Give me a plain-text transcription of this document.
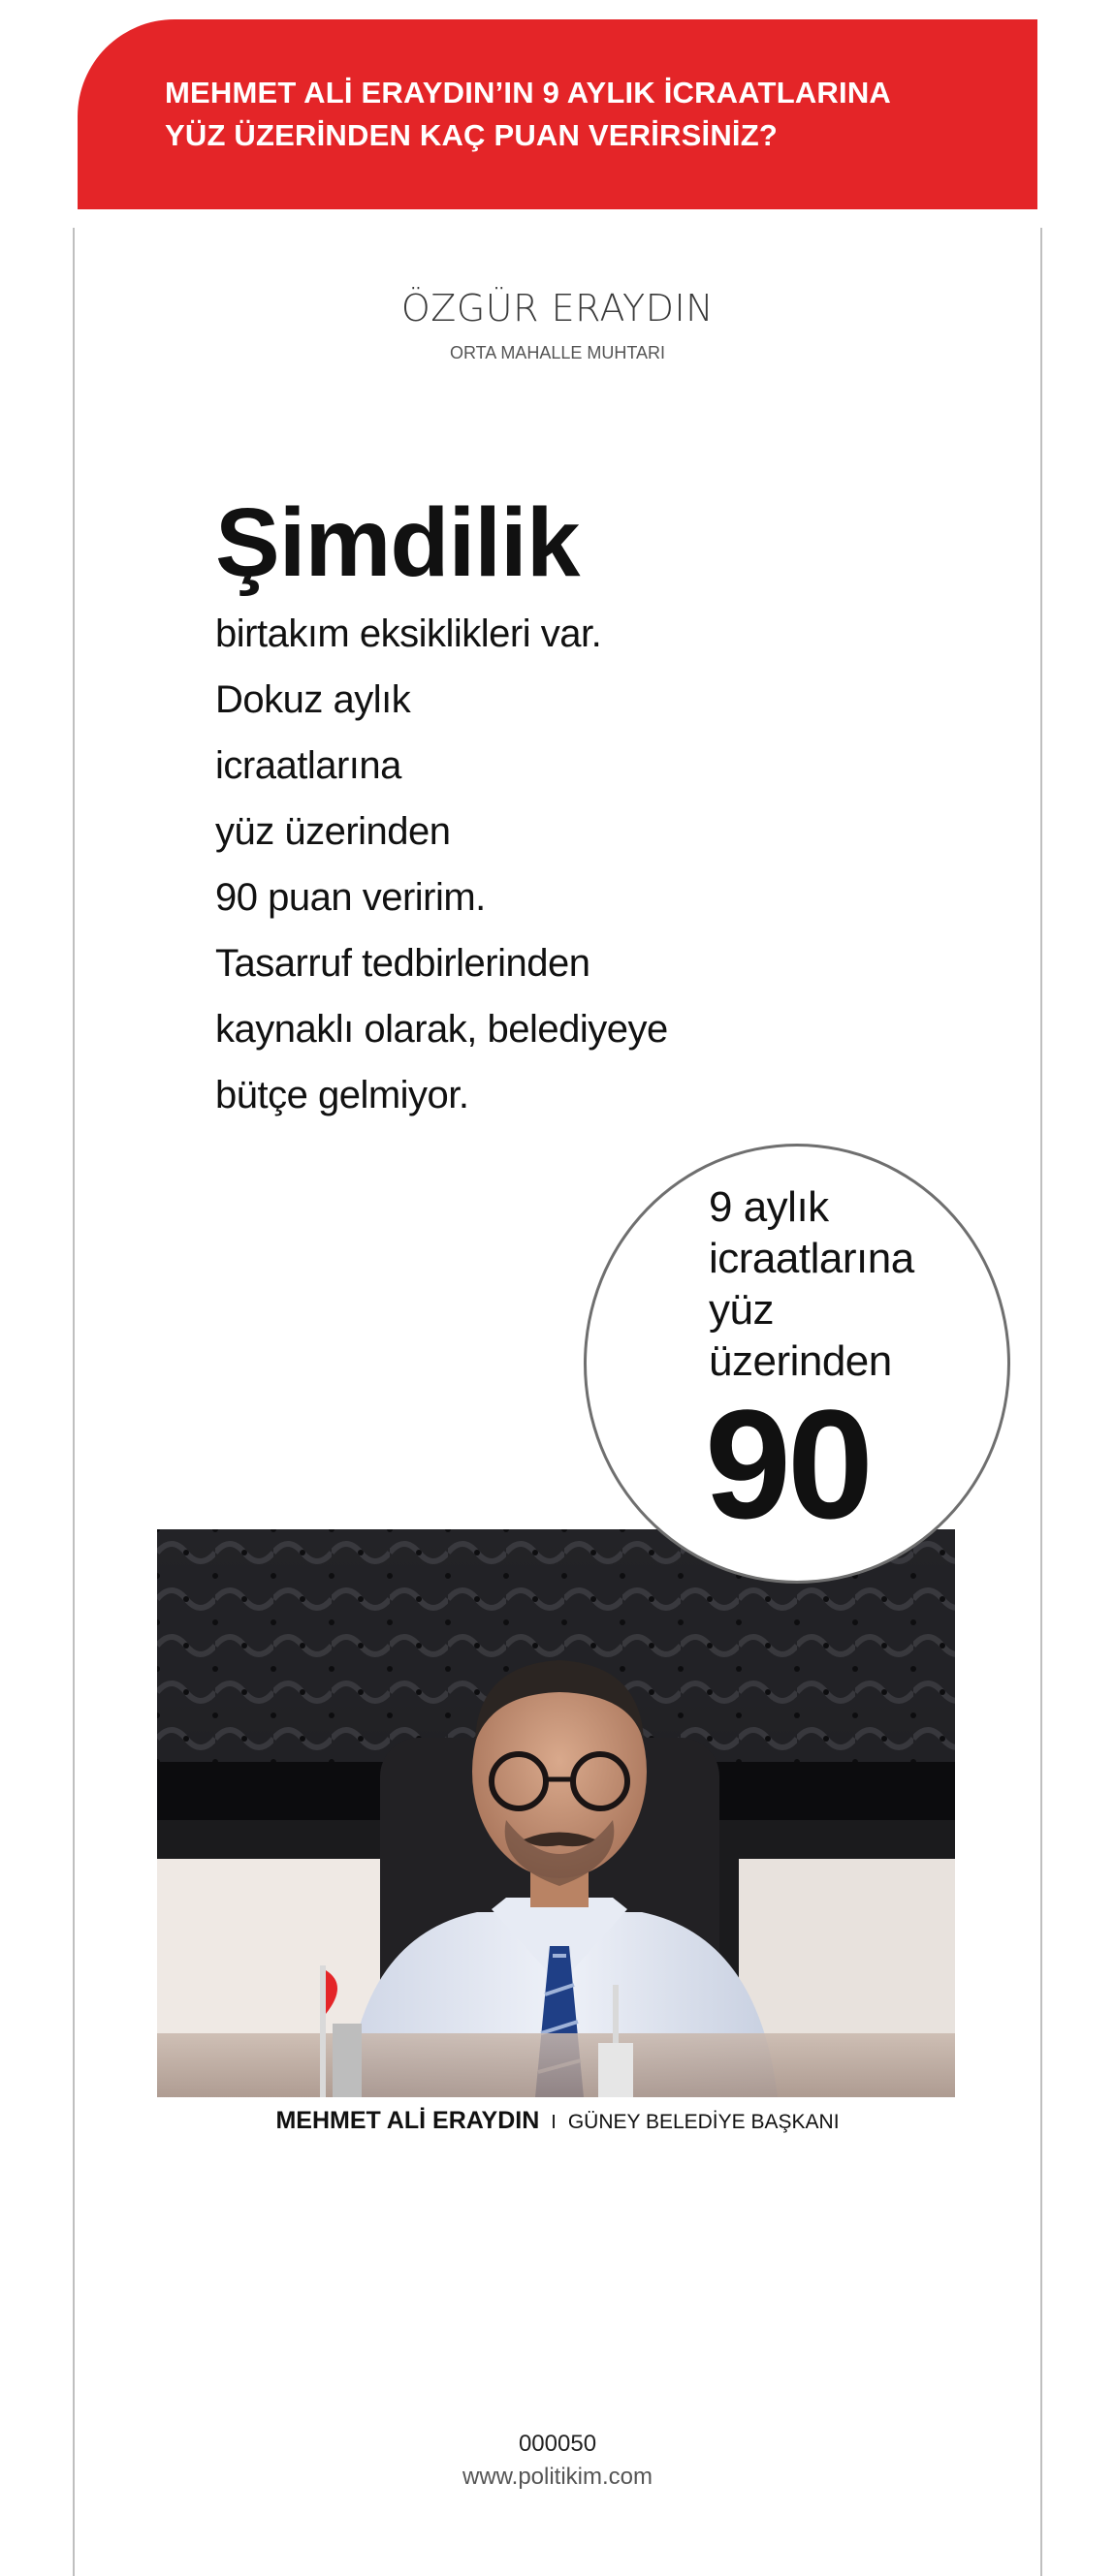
MEHMET ALİ ERAYDIN’IN 9 AYLIK İCRAATLARINA
YÜZ ÜZERİNDEN KAÇ PUAN VERİRSİNİZ?
ÖZGÜR ERAYDIN
ORTA MAHALLE MUHTARI
Şimdilik
birtakım eksiklikleri var.
Dokuz aylık
icraatlarına
yüz üzerinden
90 puan veririm.
Tasarruf tedbirlerinden
kaynaklı olarak, belediyeye
bütçe gelmiyor.
9 aylık
icraatlarına
yüz
üzerinden
90
MEHMET ALİ ERAYDIN I GÜNEY BELEDİYE BAŞKANI
000050
www.politikim.com
